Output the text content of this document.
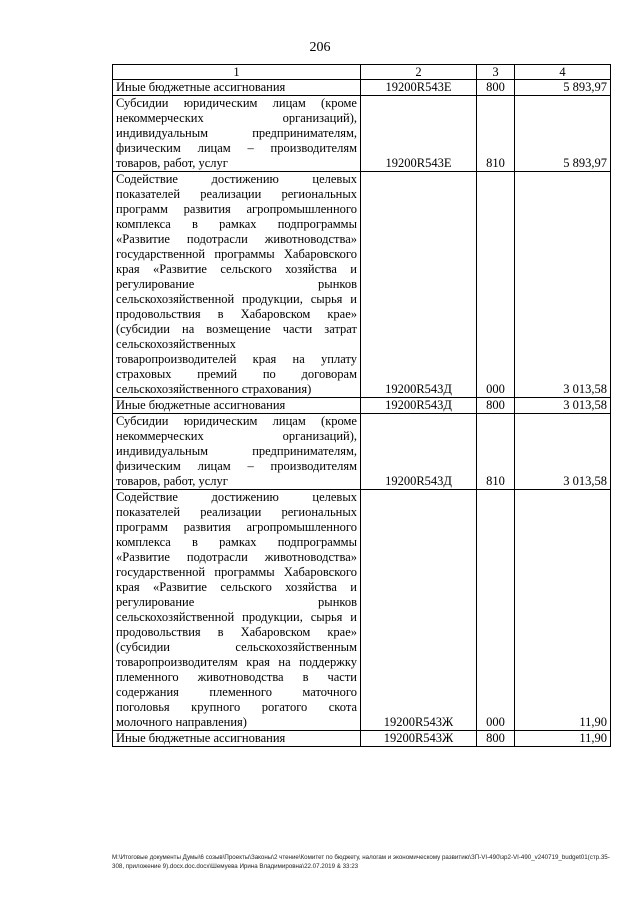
206
1	2	3	4
Иные бюджетные ассигнования	19200R543E	800	5 893,97
Субсидии юридическим лицам (кроме некоммерческих организаций), индивидуальным предпринимателям, физическим лицам – производителям товаров, работ, услуг	19200R543E	810	5 893,97
Содействие достижению целевых показателей реализации региональных программ развития агропромышленного комплекса в рамках подпрограммы «Развитие подотрасли животноводства» государственной программы Хабаровского края «Развитие сельского хозяйства и регулирование рынков сельскохозяйственной продукции, сырья и продовольствия в Хабаровском крае» (субсидии на возмещение части затрат сельскохозяйственных товаропроизводителей края на уплату страховых премий по договорам сельскохозяйственного страхования)	19200R543Д	000	3 013,58
Иные бюджетные ассигнования	19200R543Д	800	3 013,58
Субсидии юридическим лицам (кроме некоммерческих организаций), индивидуальным предпринимателям, физическим лицам – производителям товаров, работ, услуг	19200R543Д	810	3 013,58
Содействие достижению целевых показателей реализации региональных программ развития агропромышленного комплекса в рамках подпрограммы «Развитие подотрасли животноводства» государственной программы Хабаровского края «Развитие сельского хозяйства и регулирование рынков сельскохозяйственной продукции, сырья и продовольствия в Хабаровском крае» (субсидии сельскохозяйственным товаропроизводителям края на поддержку племенного животноводства в части содержания племенного маточного поголовья крупного рогатого скота молочного направления)	19200R543Ж	000	11,90
Иные бюджетные ассигнования	19200R543Ж	800	11,90
M:\Итоговые документы Думы\6 созыв\Проекты\Законы\2 чтение\Комитет по бюджету, налогам и экономическому развитию\ЗП-VI-490\зр2-VI-490_v240719_budget01(стр.35-308, приложение 9).docx.doc.docx\Шемуева Ирина Владимировна\22.07.2019 & 33:23
